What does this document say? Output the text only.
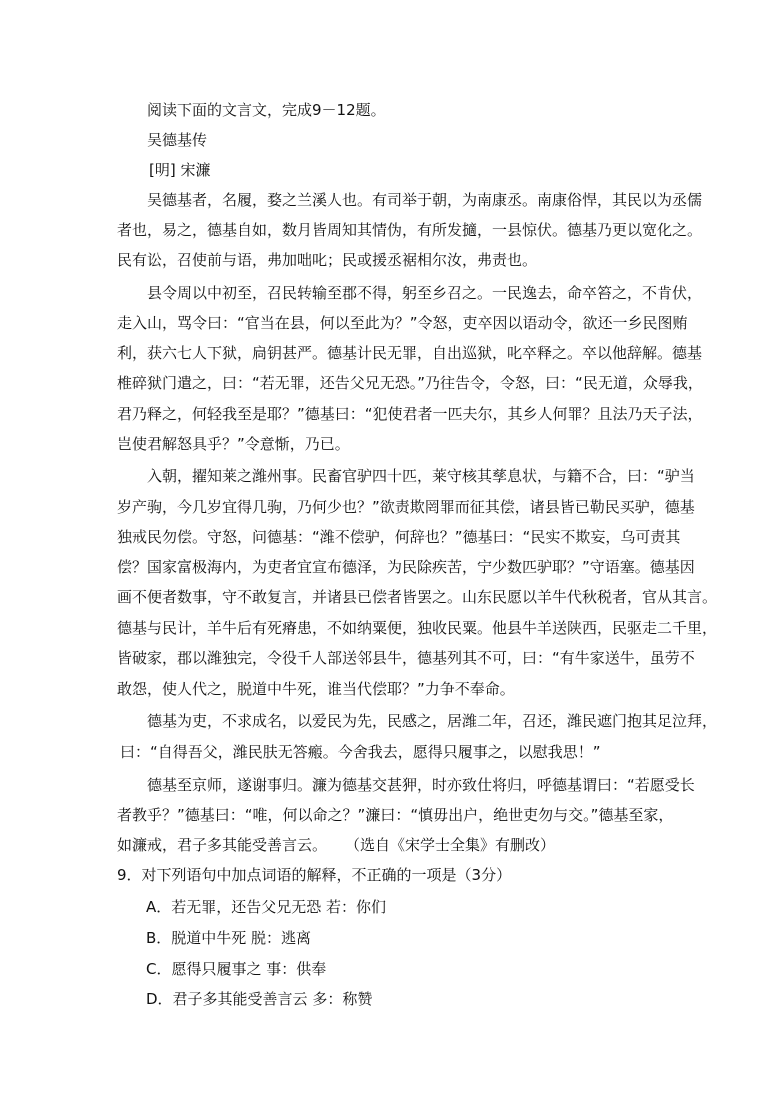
阅读下面的文言文，完成9－12题。
吴德基传
[明] 宋濂
吴德基者，名履，婺之兰溪人也。有司举于朝，为南康丞。南康俗悍，其民以为丞儒
者也，易之，德基自如，数月皆周知其情伪，有所发擿，一县惊伏。德基乃更以宽化之。
民有讼，召使前与语，弗加咄叱；民或援丞裾相尔汝，弗责也。
县令周以中初至，召民转输至郡不得，躬至乡召之。一民逸去，命卒笞之，不肯伏，
走入山，骂令曰：“官当在县，何以至此为？”令怒，吏卒因以语动令，欲还一乡民图贿
利，获六七人下狱，扃钥甚严。德基计民无罪，自出巡狱，叱卒释之。卒以他辞解。德基
椎碎狱门遣之，曰：“若无罪，还告父兄无恐。”乃往告令，令怒，曰：“民无道，众辱我，
君乃释之，何轻我至是耶？”德基曰：“犯使君者一匹夫尔，其乡人何罪？且法乃天子法，
岂使君解怒具乎？”令意惭，乃已。
入朝，擢知莱之潍州事。民畜官驴四十匹，莱守核其孳息状，与籍不合，曰：“驴当
岁产驹，今几岁宜得几驹，乃何少也？”欲责欺罔罪而征其偿，诸县皆已勒民买驴，德基
独戒民勿偿。守怒，问德基：“潍不偿驴，何辞也？”德基曰：“民实不欺妄，乌可责其
偿？国家富极海内，为吏者宜宣布德泽，为民除疾苦，宁少数匹驴耶？”守语塞。德基因
画不便者数事，守不敢复言，并诸县已偿者皆罢之。山东民愿以羊牛代秋税者，官从其言。
德基与民计，羊牛后有死瘠患，不如纳粟便，独收民粟。他县牛羊送陕西，民驱走二千里，
皆破家，郡以潍独完，令役千人部送邻县牛，德基列其不可，曰：“有牛家送牛，虽劳不
敢怨，使人代之，脱道中牛死，谁当代偿耶？”力争不奉命。
德基为吏，不求成名，以爱民为先，民感之，居潍二年，召还，潍民遮门抱其足泣拜，
曰：“自得吾父，潍民肤无答瘢。今舍我去，愿得只履事之，以慰我思！”
德基至京师，遂谢事归。濂为德基交甚狎，时亦致仕将归，呼德基谓曰：“若愿受长
者教乎？”德基曰：“唯，何以命之？”濂曰：“慎毋出户，绝世吏勿与交。”德基至家，
如濂戒，君子多其能受善言云。 （选自《宋学士全集》有删改）
9．对下列语句中加点词语的解释，不正确的一项是（3分）
A．若无罪，还告父兄无恐 若：你们
B．脱道中牛死 脱：逃离
C．愿得只履事之 事：供奉
D．君子多其能受善言云 多：称赞
